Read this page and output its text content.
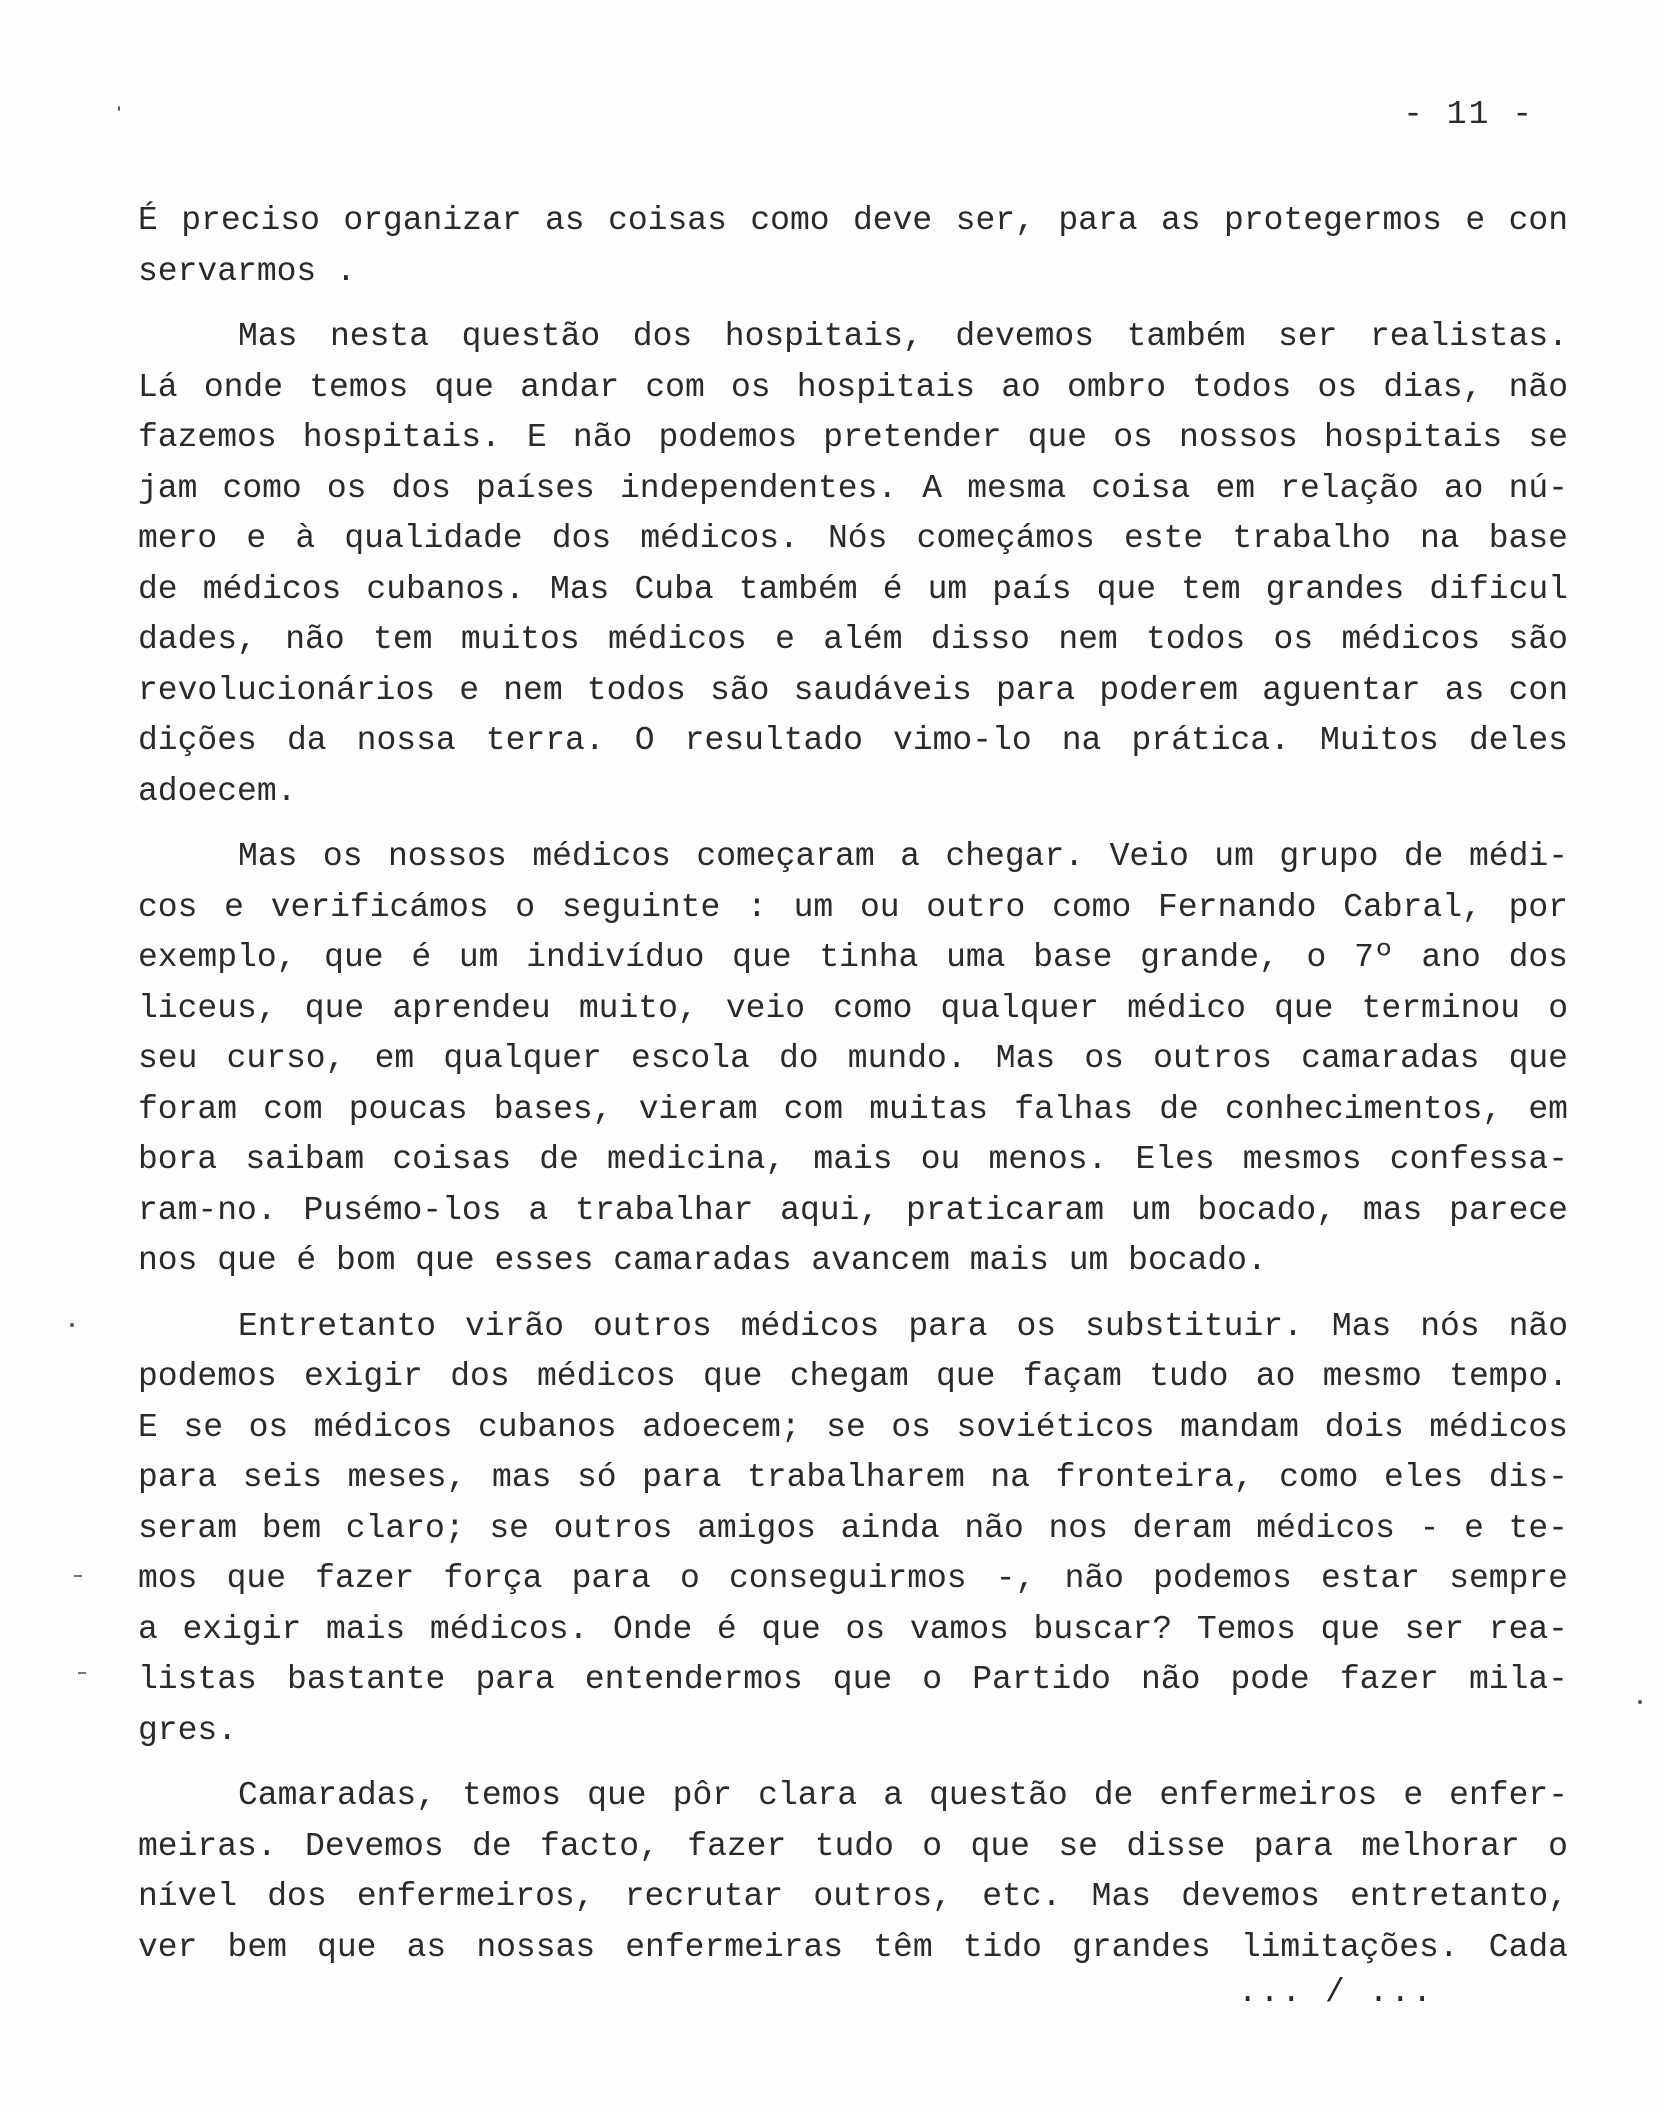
- 11 -
É preciso organizar as coisas como deve ser, para as protegermos e con
servarmos .
Mas nesta questão dos hospitais, devemos também ser realistas.
Lá onde temos que andar com os hospitais ao ombro todos os dias, não
fazemos hospitais. E não podemos pretender que os nossos hospitais se
jam como os dos países independentes. A mesma coisa em relação ao nú-
mero e à qualidade dos médicos. Nós começámos este trabalho na base
de médicos cubanos. Mas Cuba também é um país que tem grandes dificul
dades, não tem muitos médicos e além disso nem todos os médicos são
revolucionários e nem todos são saudáveis para poderem aguentar as con
dições da nossa terra. O resultado vimo-lo na prática. Muitos deles
adoecem.
Mas os nossos médicos começaram a chegar. Veio um grupo de médi-
cos e verificámos o seguinte : um ou outro como Fernando Cabral, por
exemplo, que é um indivíduo que tinha uma base grande, o 7º ano dos
liceus, que aprendeu muito, veio como qualquer médico que terminou o
seu curso, em qualquer escola do mundo. Mas os outros camaradas que
foram com poucas bases, vieram com muitas falhas de conhecimentos, em
bora saibam coisas de medicina, mais ou menos. Eles mesmos confessa-
ram-no. Pusémo-los a trabalhar aqui, praticaram um bocado, mas parece
nos que é bom que esses camaradas avancem mais um bocado.
Entretanto virão outros médicos para os substituir. Mas nós não
podemos exigir dos médicos que chegam que façam tudo ao mesmo tempo.
E se os médicos cubanos adoecem; se os soviéticos mandam dois médicos
para seis meses, mas só para trabalharem na fronteira, como eles dis-
seram bem claro; se outros amigos ainda não nos deram médicos - e te-
mos que fazer força para o conseguirmos -, não podemos estar sempre
a exigir mais médicos. Onde é que os vamos buscar? Temos que ser rea-
listas bastante para entendermos que o Partido não pode fazer mila-
gres.
Camaradas, temos que pôr clara a questão de enfermeiros e enfer-
meiras. Devemos de facto, fazer tudo o que se disse para melhorar o
nível dos enfermeiros, recrutar outros, etc. Mas devemos entretanto,
ver bem que as nossas enfermeiras têm tido grandes limitações. Cada
... / ...
